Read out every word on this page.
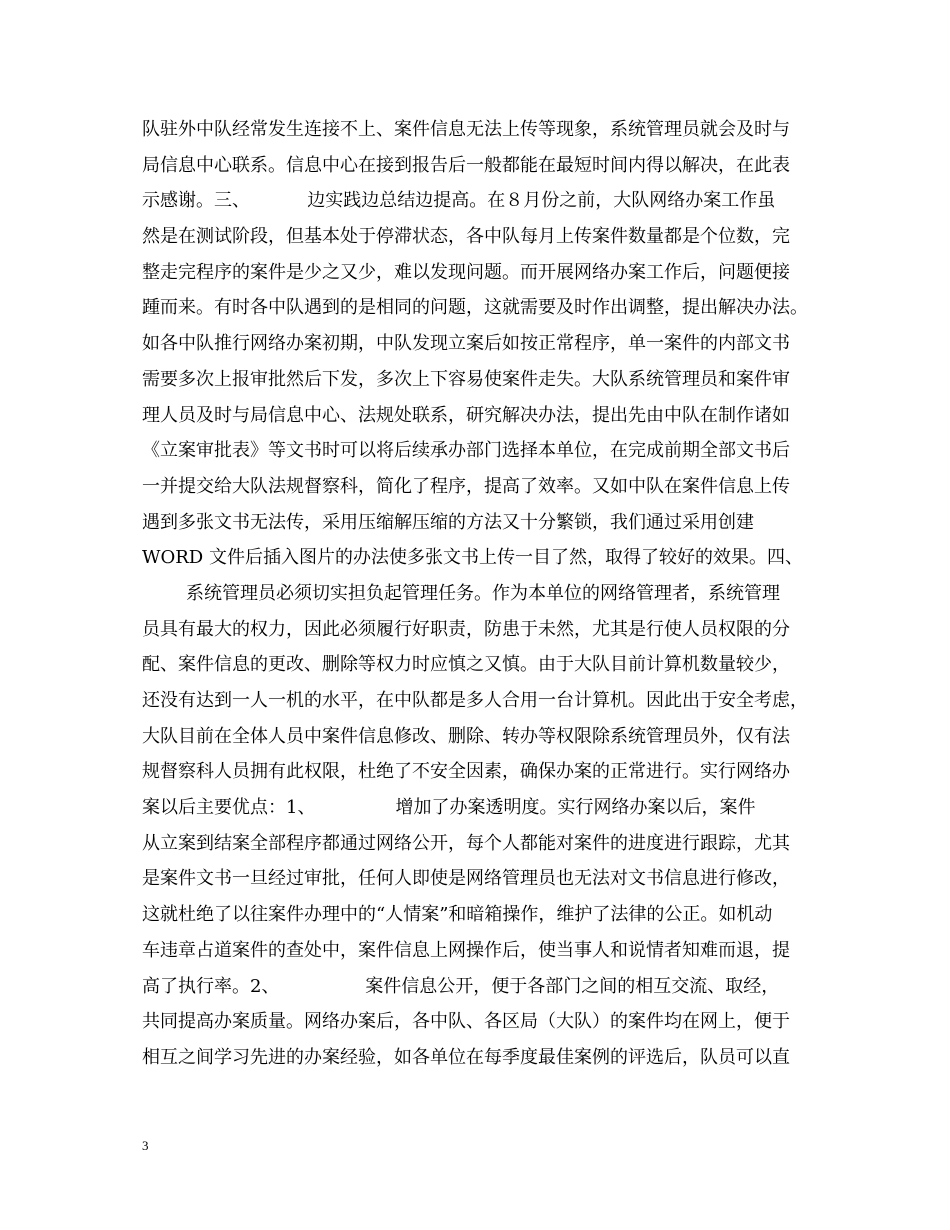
队驻外中队经常发生连接不上、案件信息无法上传等现象，系统管理员就会及时与
局信息中心联系。信息中心在接到报告后一般都能在最短时间内得以解决，在此表
示感谢。三、          边实践边总结边提高。在８月份之前，大队网络办案工作虽
然是在测试阶段，但基本处于停滞状态，各中队每月上传案件数量都是个位数，完
整走完程序的案件是少之又少，难以发现问题。而开展网络办案工作后，问题便接
踵而来。有时各中队遇到的是相同的问题，这就需要及时作出调整，提出解决办法。
如各中队推行网络办案初期，中队发现立案后如按正常程序，单一案件的内部文书
需要多次上报审批然后下发，多次上下容易使案件走失。大队系统管理员和案件审
理人员及时与局信息中心、法规处联系，研究解决办法，提出先由中队在制作诸如
《立案审批表》等文书时可以将后续承办部门选择本单位，在完成前期全部文书后
一并提交给大队法规督察科，简化了程序，提高了效率。又如中队在案件信息上传
遇到多张文书无法传，采用压缩解压缩的方法又十分繁锁，我们通过采用创建
WORD 文件后插入图片的办法使多张文书上传一目了然，取得了较好的效果。四、
系统管理员必须切实担负起管理任务。作为本单位的网络管理者，系统管理
员具有最大的权力，因此必须履行好职责，防患于未然，尤其是行使人员权限的分
配、案件信息的更改、删除等权力时应慎之又慎。由于大队目前计算机数量较少，
还没有达到一人一机的水平，在中队都是多人合用一台计算机。因此出于安全考虑，
大队目前在全体人员中案件信息修改、删除、转办等权限除系统管理员外，仅有法
规督察科人员拥有此权限，杜绝了不安全因素，确保办案的正常进行。实行网络办
案以后主要优点：1、              增加了办案透明度。实行网络办案以后，案件
从立案到结案全部程序都通过网络公开，每个人都能对案件的进度进行跟踪，尤其
是案件文书一旦经过审批，任何人即使是网络管理员也无法对文书信息进行修改，
这就杜绝了以往案件办理中的“人情案”和暗箱操作，维护了法律的公正。如机动
车违章占道案件的查处中，案件信息上网操作后，使当事人和说情者知难而退，提
高了执行率。2、               案件信息公开，便于各部门之间的相互交流、取经，
共同提高办案质量。网络办案后，各中队、各区局（大队）的案件均在网上，便于
相互之间学习先进的办案经验，如各单位在每季度最佳案例的评选后，队员可以直
3
